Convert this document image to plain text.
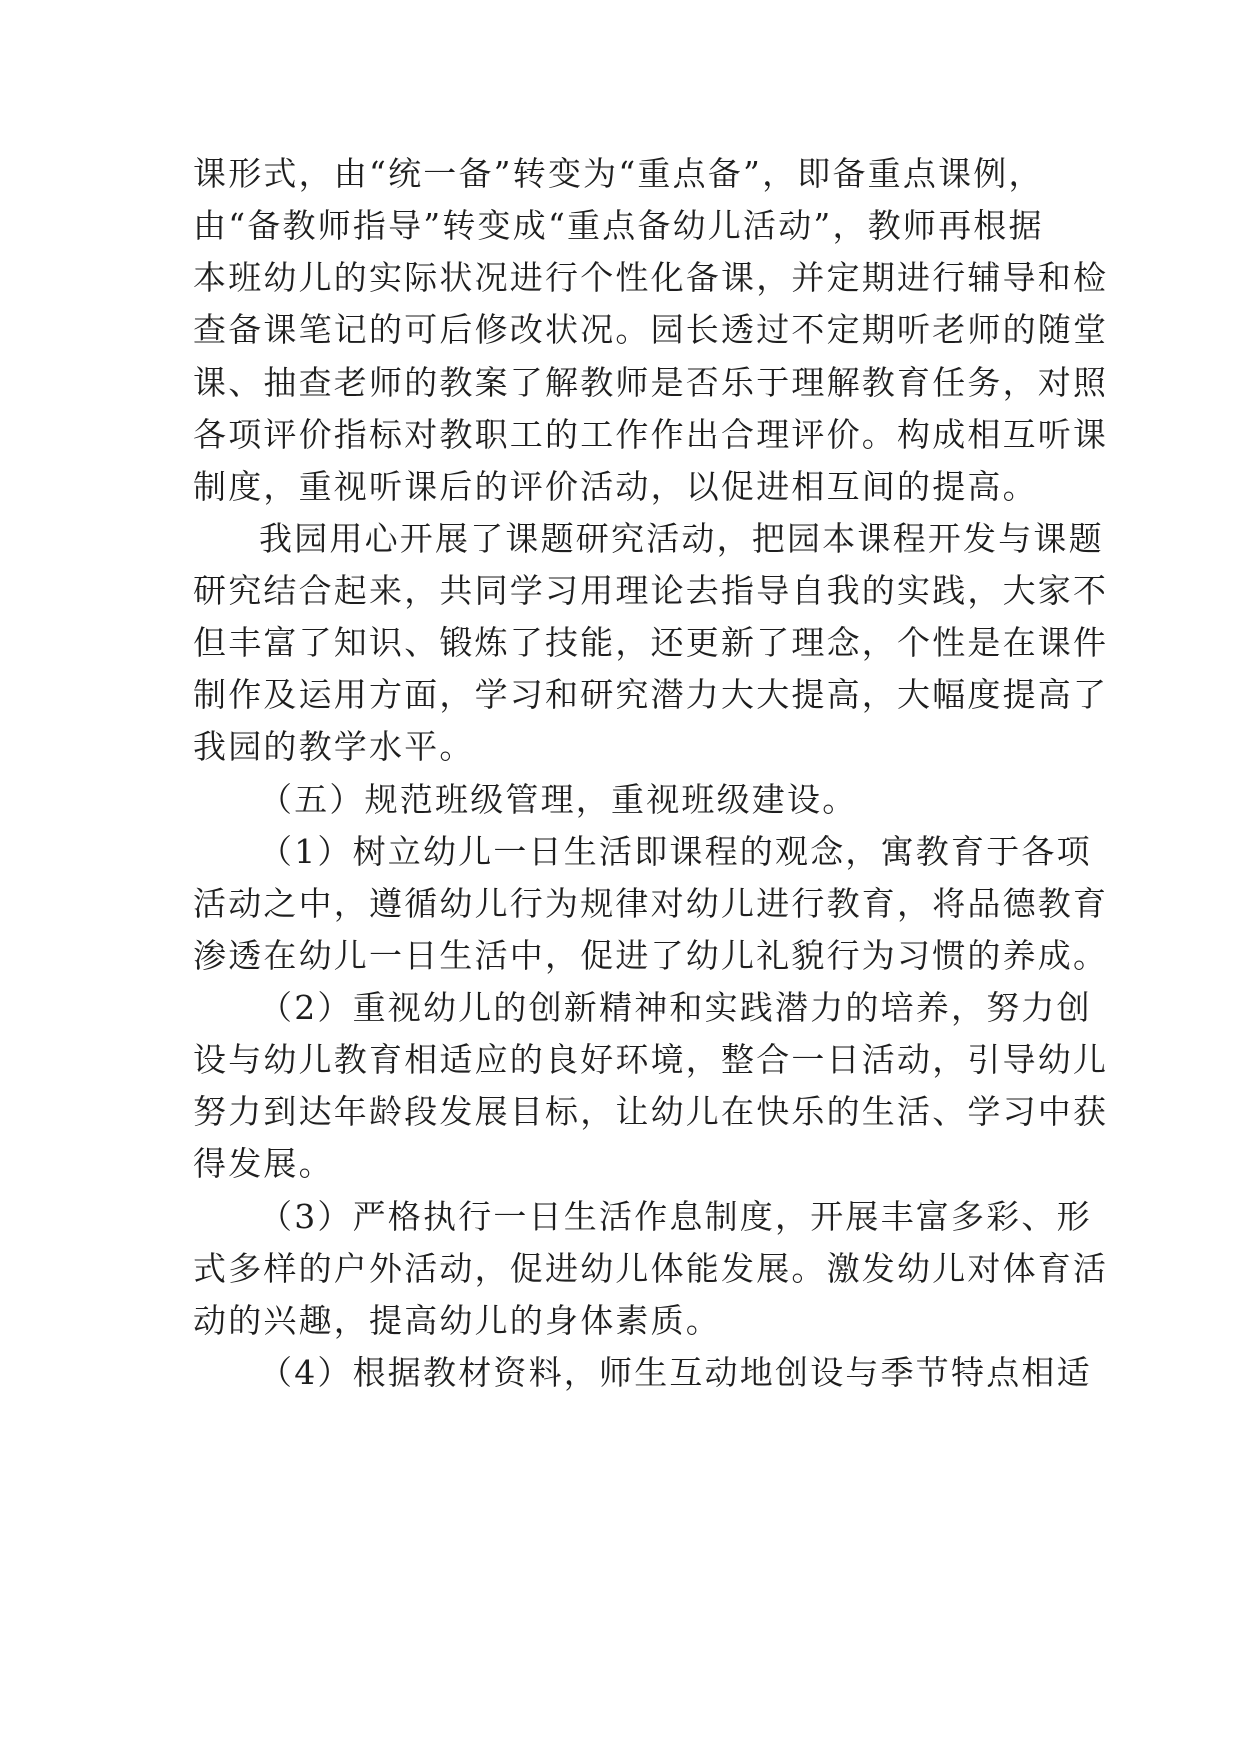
课形式，由“统一备”转变为“重点备”，即备重点课例，
由“备教师指导”转变成“重点备幼儿活动”，教师再根据
本班幼儿的实际状况进行个性化备课，并定期进行辅导和检
查备课笔记的可后修改状况。园长透过不定期听老师的随堂
课、抽查老师的教案了解教师是否乐于理解教育任务，对照
各项评价指标对教职工的工作作出合理评价。构成相互听课
制度，重视听课后的评价活动，以促进相互间的提高。
我园用心开展了课题研究活动，把园本课程开发与课题
研究结合起来，共同学习用理论去指导自我的实践，大家不
但丰富了知识、锻炼了技能，还更新了理念，个性是在课件
制作及运用方面，学习和研究潜力大大提高，大幅度提高了
我园的教学水平。
（五）规范班级管理，重视班级建设。
（1）树立幼儿一日生活即课程的观念，寓教育于各项
活动之中，遵循幼儿行为规律对幼儿进行教育，将品德教育
渗透在幼儿一日生活中，促进了幼儿礼貌行为习惯的养成。
（2）重视幼儿的创新精神和实践潜力的培养，努力创
设与幼儿教育相适应的良好环境，整合一日活动，引导幼儿
努力到达年龄段发展目标，让幼儿在快乐的生活、学习中获
得发展。
（3）严格执行一日生活作息制度，开展丰富多彩、形
式多样的户外活动，促进幼儿体能发展。激发幼儿对体育活
动的兴趣，提高幼儿的身体素质。
（4）根据教材资料，师生互动地创设与季节特点相适
